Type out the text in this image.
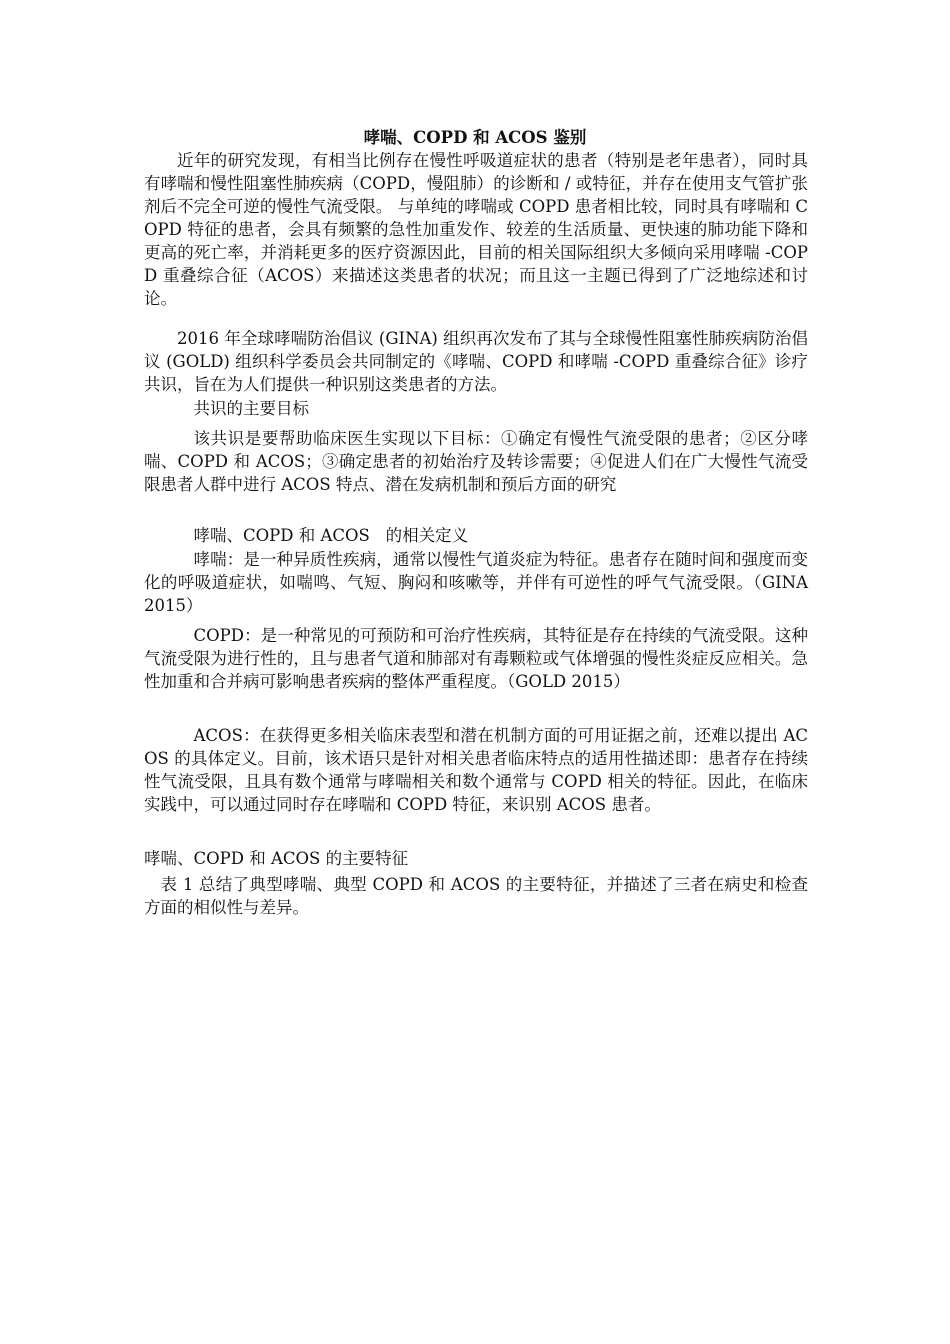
哮喘、COPD 和 ACOS 鉴别

近年的研究发现，有相当比例存在慢性呼吸道症状的患者（特别是老年患者），同时具有哮喘和慢性阻塞性肺疾病（COPD，慢阻肺）的诊断和 / 或特征，并存在使用支气管扩张剂后不完全可逆的慢性气流受限。 与单纯的哮喘或 COPD 患者相比较，同时具有哮喘和 COPD 特征的患者，会具有频繁的急性加重发作、较差的生活质量、更快速的肺功能下降和更高的死亡率，并消耗更多的医疗资源因此，目前的相关国际组织大多倾向采用哮喘 -COPD 重叠综合征（ACOS）来描述这类患者的状况；而且这一主题已得到了广泛地综述和讨论。

2016 年全球哮喘防治倡议 (GINA) 组织再次发布了其与全球慢性阻塞性肺疾病防治倡议 (GOLD) 组织科学委员会共同制定的《哮喘、COPD 和哮喘 -COPD 重叠综合征》诊疗共识，旨在为人们提供一种识别这类患者的方法。

共识的主要目标

该共识是要帮助临床医生实现以下目标：①确定有慢性气流受限的患者；②区分哮喘、COPD 和 ACOS；③确定患者的初始治疗及转诊需要；④促进人们在广大慢性气流受限患者人群中进行 ACOS 特点、潜在发病机制和预后方面的研究

哮喘、COPD 和 ACOS   的相关定义

哮喘：是一种异质性疾病，通常以慢性气道炎症为特征。患者存在随时间和强度而变化的呼吸道症状，如喘鸣、气短、胸闷和咳嗽等，并伴有可逆性的呼气气流受限。（GINA 2015）

COPD：是一种常见的可预防和可治疗性疾病，其特征是存在持续的气流受限。这种气流受限为进行性的，且与患者气道和肺部对有毒颗粒或气体增强的慢性炎症反应相关。急性加重和合并病可影响患者疾病的整体严重程度。（GOLD 2015）

ACOS：在获得更多相关临床表型和潜在机制方面的可用证据之前，还难以提出 ACOS 的具体定义。目前，该术语只是针对相关患者临床特点的适用性描述即：患者存在持续性气流受限，且具有数个通常与哮喘相关和数个通常与 COPD 相关的特征。因此，在临床实践中，可以通过同时存在哮喘和 COPD 特征，来识别 ACOS 患者。

哮喘、COPD 和 ACOS 的主要特征

表 1 总结了典型哮喘、典型 COPD 和 ACOS 的主要特征，并描述了三者在病史和检查方面的相似性与差异。
